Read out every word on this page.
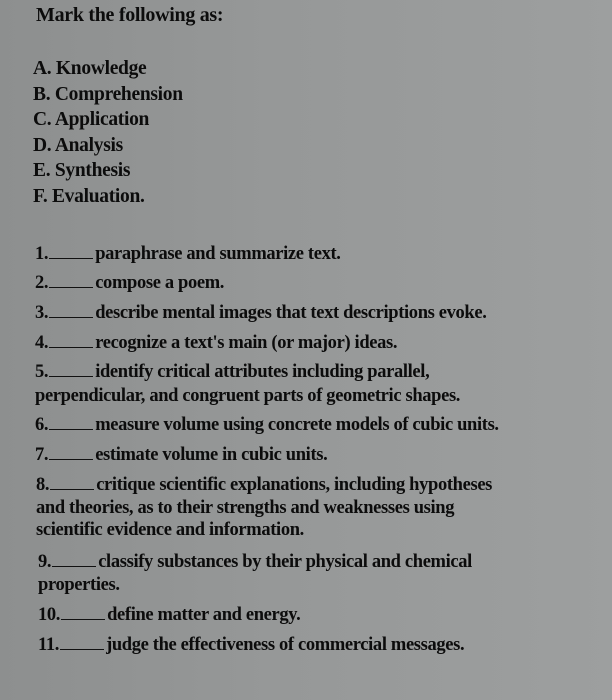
Mark the following as:
A. Knowledge
B. Comprehension
C. Application
D. Analysis
E. Synthesis
F. Evaluation.
1.	paraphrase and summarize text.
2.	compose a poem.
3.	describe mental images that text descriptions evoke.
4.	recognize a text's main (or major) ideas.
5.	identify critical attributes including parallel,
perpendicular, and congruent parts of geometric shapes.
6.	measure volume using concrete models of cubic units.
7.	estimate volume in cubic units.
8.	critique scientific explanations, including hypotheses
and theories, as to their strengths and weaknesses using
scientific evidence and information.
9.	classify substances by their physical and chemical
properties.
10.	define matter and energy.
11.	judge the effectiveness of commercial messages.
